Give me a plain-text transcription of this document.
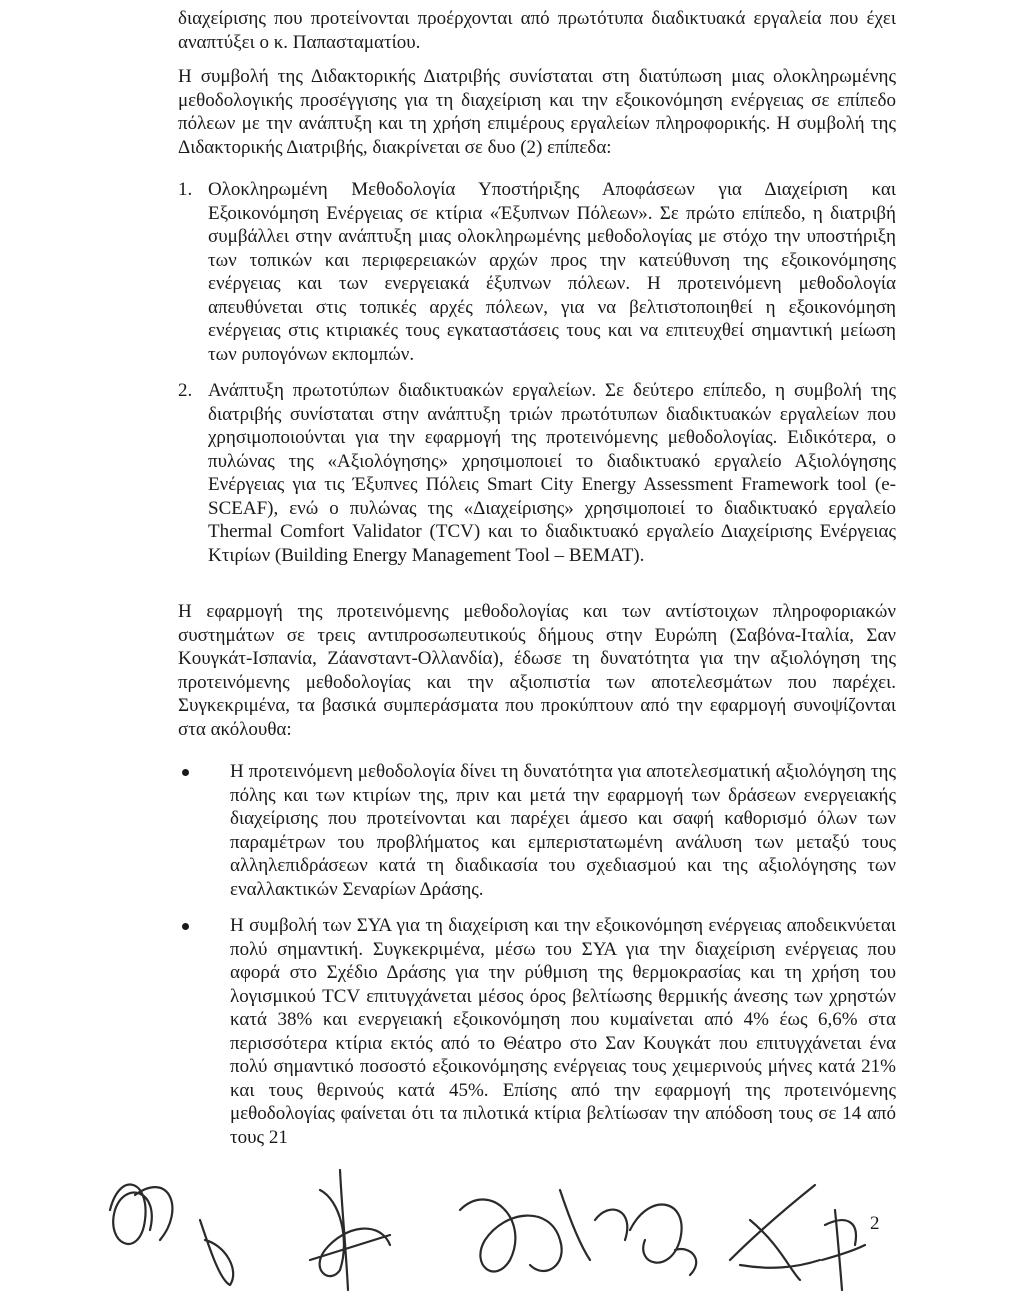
διαχείρισης που προτείνονται προέρχονται από πρωτότυπα διαδικτυακά εργαλεία που έχει αναπτύξει ο κ. Παπασταματίου.

Η συμβολή της Διδακτορικής Διατριβής συνίσταται στη διατύπωση μιας ολοκληρωμένης μεθοδολογικής προσέγγισης για τη διαχείριση και την εξοικονόμηση ενέργειας σε επίπεδο πόλεων με την ανάπτυξη και τη χρήση επιμέρους εργαλείων πληροφορικής. Η συμβολή της Διδακτορικής Διατριβής, διακρίνεται σε δυο (2) επίπεδα:

1. Ολοκληρωμένη Μεθοδολογία Υποστήριξης Αποφάσεων για Διαχείριση και Εξοικονόμηση Ενέργειας σε κτίρια «Έξυπνων Πόλεων». Σε πρώτο επίπεδο, η διατριβή συμβάλλει στην ανάπτυξη μιας ολοκληρωμένης μεθοδολογίας με στόχο την υποστήριξη των τοπικών και περιφερειακών αρχών προς την κατεύθυνση της εξοικονόμησης ενέργειας και των ενεργειακά έξυπνων πόλεων. Η προτεινόμενη μεθοδολογία απευθύνεται στις τοπικές αρχές πόλεων, για να βελτιστοποιηθεί η εξοικονόμηση ενέργειας στις κτιριακές τους εγκαταστάσεις τους και να επιτευχθεί σημαντική μείωση των ρυπογόνων εκπομπών.

2. Ανάπτυξη πρωτοτύπων διαδικτυακών εργαλείων. Σε δεύτερο επίπεδο, η συμβολή της διατριβής συνίσταται στην ανάπτυξη τριών πρωτότυπων διαδικτυακών εργαλείων που χρησιμοποιούνται για την εφαρμογή της προτεινόμενης μεθοδολογίας. Ειδικότερα, ο πυλώνας της «Αξιολόγησης» χρησιμοποιεί το διαδικτυακό εργαλείο Αξιολόγησης Ενέργειας για τις Έξυπνες Πόλεις Smart City Energy Assessment Framework tool (e-SCEAF), ενώ ο πυλώνας της «Διαχείρισης» χρησιμοποιεί το διαδικτυακό εργαλείο Thermal Comfort Validator (TCV) και το διαδικτυακό εργαλείο Διαχείρισης Ενέργειας Κτιρίων (Building Energy Management Tool – BEMAT).

Η εφαρμογή της προτεινόμενης μεθοδολογίας και των αντίστοιχων πληροφοριακών συστημάτων σε τρεις αντιπροσωπευτικούς δήμους στην Ευρώπη (Σαβόνα-Ιταλία, Σαν Κουγκάτ-Ισπανία, Ζάανσταντ-Ολλανδία), έδωσε τη δυνατότητα για την αξιολόγηση της προτεινόμενης μεθοδολογίας και την αξιοπιστία των αποτελεσμάτων που παρέχει. Συγκεκριμένα, τα βασικά συμπεράσματα που προκύπτουν από την εφαρμογή συνοψίζονται στα ακόλουθα:

Η προτεινόμενη μεθοδολογία δίνει τη δυνατότητα για αποτελεσματική αξιολόγηση της πόλης και των κτιρίων της, πριν και μετά την εφαρμογή των δράσεων ενεργειακής διαχείρισης που προτείνονται και παρέχει άμεσο και σαφή καθορισμό όλων των παραμέτρων του προβλήματος και εμπεριστατωμένη ανάλυση των μεταξύ τους αλληλεπιδράσεων κατά τη διαδικασία του σχεδιασμού και της αξιολόγησης των εναλλακτικών Σεναρίων Δράσης.

Η συμβολή των ΣΥΑ για τη διαχείριση και την εξοικονόμηση ενέργειας αποδεικνύεται πολύ σημαντική. Συγκεκριμένα, μέσω του ΣΥΑ για την διαχείριση ενέργειας που αφορά στο Σχέδιο Δράσης για την ρύθμιση της θερμοκρασίας και τη χρήση του λογισμικού TCV επιτυγχάνεται μέσος όρος βελτίωσης θερμικής άνεσης των χρηστών κατά 38% και ενεργειακή εξοικονόμηση που κυμαίνεται από 4% έως 6,6% στα περισσότερα κτίρια εκτός από το Θέατρο στο Σαν Κουγκάτ που επιτυγχάνεται ένα πολύ σημαντικό ποσοστό εξοικονόμησης ενέργειας τους χειμερινούς μήνες κατά 21% και τους θερινούς κατά 45%. Επίσης από την εφαρμογή της προτεινόμενης μεθοδολογίας φαίνεται ότι τα πιλοτικά κτίρια βελτίωσαν την απόδοση τους σε 14 από τους 21

2
